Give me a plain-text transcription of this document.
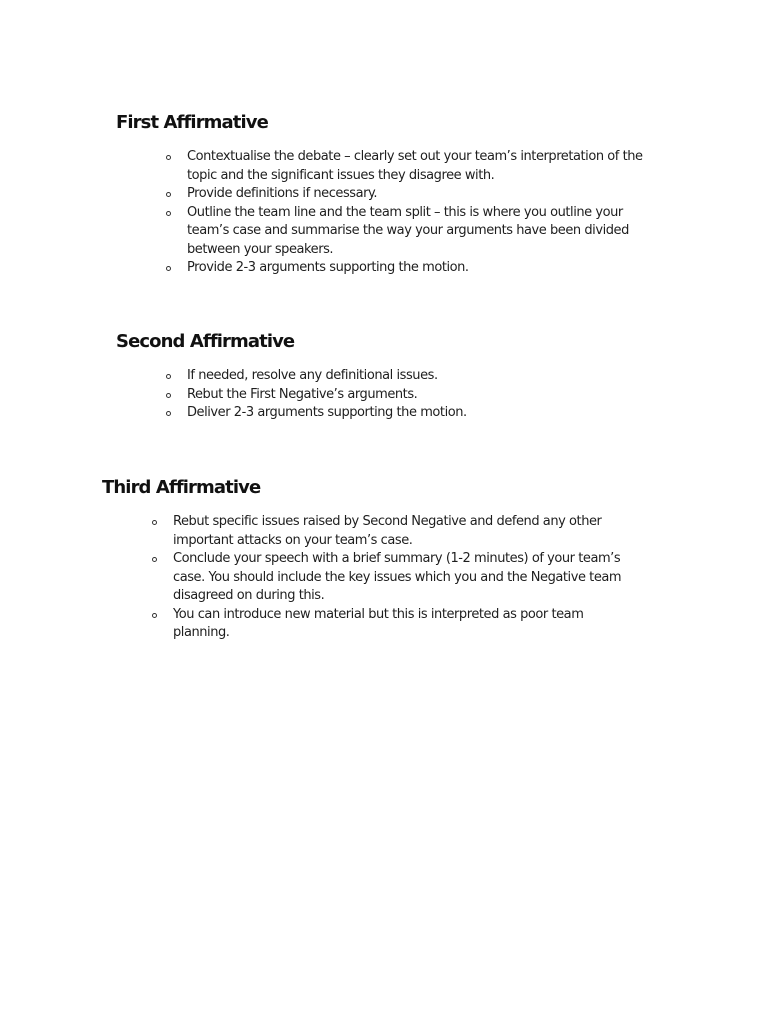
First Affirmative
Contextualise the debate – clearly set out your team’s interpretation of the topic and the significant issues they disagree with.
Provide definitions if necessary.
Outline the team line and the team split – this is where you outline your team’s case and summarise the way your arguments have been divided between your speakers.
Provide 2-3 arguments supporting the motion.
Second Affirmative
If needed, resolve any definitional issues.
Rebut the First Negative’s arguments.
Deliver 2-3 arguments supporting the motion.
Third Affirmative
Rebut specific issues raised by Second Negative and defend any other important attacks on your team’s case.
Conclude your speech with a brief summary (1-2 minutes) of your team’s case. You should include the key issues which you and the Negative team disagreed on during this.
You can introduce new material but this is interpreted as poor team planning.
